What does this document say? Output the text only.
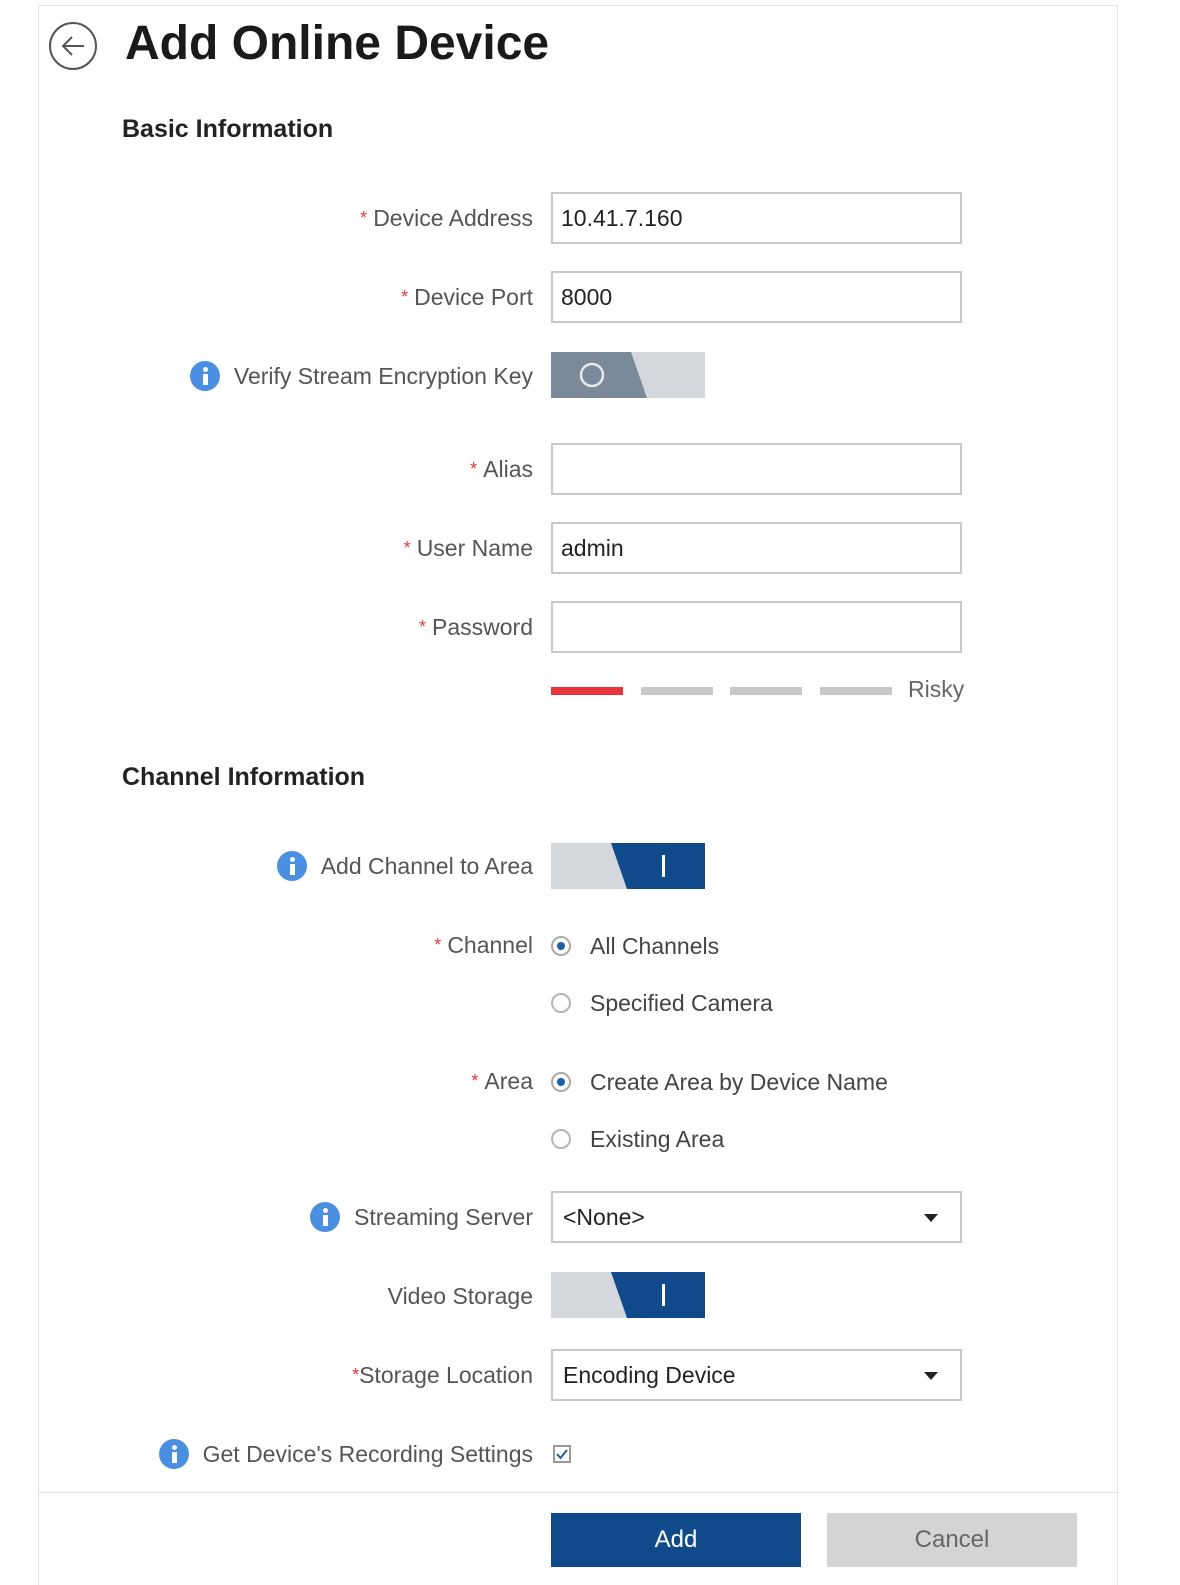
Add Online Device
Basic Information
* Device Address
10.41.7.160
* Device Port
8000
Verify Stream Encryption Key
* Alias
* User Name
admin
* Password
Risky
Channel Information
Add Channel to Area
* Channel All Channels
Specified Camera
* Area Create Area by Device Name
Existing Area
Streaming Server <None>
Video Storage
* Storage Location Encoding Device
Get Device's Recording Settings
Add	Cancel
